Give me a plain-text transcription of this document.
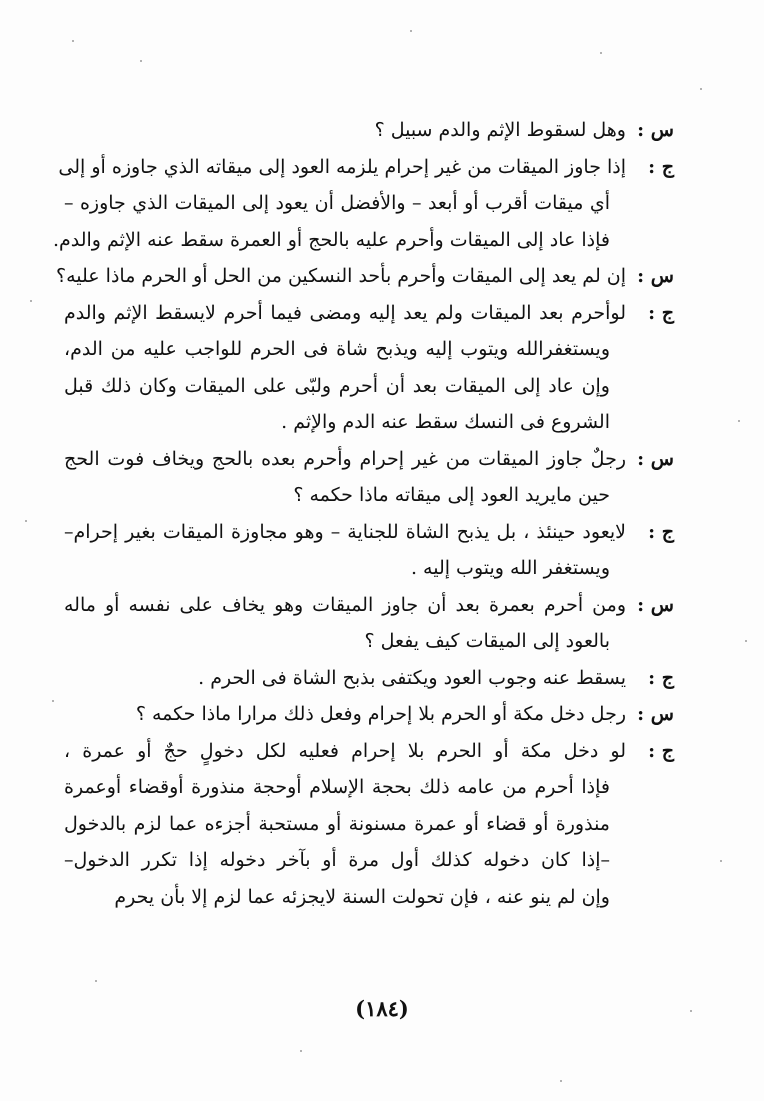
س :
وهل لسقوط الإثم والدم سبيل ؟
ج :
إذا جاوز الميقات من غير إحرام يلزمه العود إلى ميقاته الذي جاوزه أو إلى
أي ميقات أقرب أو أبعد – والأفضل أن يعود إلى الميقات الذي جاوزه –
فإذا عاد إلى الميقات وأحرم عليه بالحج أو العمرة سقط عنه الإثم والدم.
س :
إن لم يعد إلى الميقات وأحرم بأحد النسكين من الحل أو الحرم ماذا عليه؟
ج :
لوأحرم بعد الميقات ولم يعد إليه ومضى فيما أحرم لايسقط الإثم والدم
ويستغفرالله ويتوب إليه ويذبح شاة فى الحرم للواجب عليه من الدم،
وإن عاد إلى الميقات بعد أن أحرم ولبّى على الميقات وكان ذلك قبل
الشروع فى النسك سقط عنه الدم والإثم .
س :
رجلٌ جاوز الميقات من غير إحرام وأحرم بعده بالحج ويخاف فوت الحج
حين مايريد العود إلى ميقاته ماذا حكمه ؟
ج :
لايعود حينئذ ، بل يذبح الشاة للجناية – وهو مجاوزة الميقات بغير إحرام–
ويستغفر الله ويتوب إليه .
س :
ومن أحرم بعمرة بعد أن جاوز الميقات وهو يخاف على نفسه أو ماله
بالعود إلى الميقات كيف يفعل ؟
ج :
يسقط عنه وجوب العود ويكتفى بذبح الشاة فى الحرم .
س :
رجل دخل مكة أو الحرم بلا إحرام وفعل ذلك مرارا ماذا حكمه ؟
ج :
لو دخل مكة أو الحرم بلا إحرام فعليه لكل دخولٍ حجٌ أو عمرة ،
فإذا أحرم من عامه ذلك بحجة الإسلام أوحجة منذورة أوقضاء أوعمرة
منذورة أو قضاء أو عمرة مسنونة أو مستحبة أجزءه عما لزم بالدخول
–إذا كان دخوله كذلك أول مرة أو بآخر دخوله إذا تكرر الدخول–
وإن لم ينو عنه ، فإن تحولت السنة لايجزئه عما لزم إلا بأن يحرم
(١٨٤)
